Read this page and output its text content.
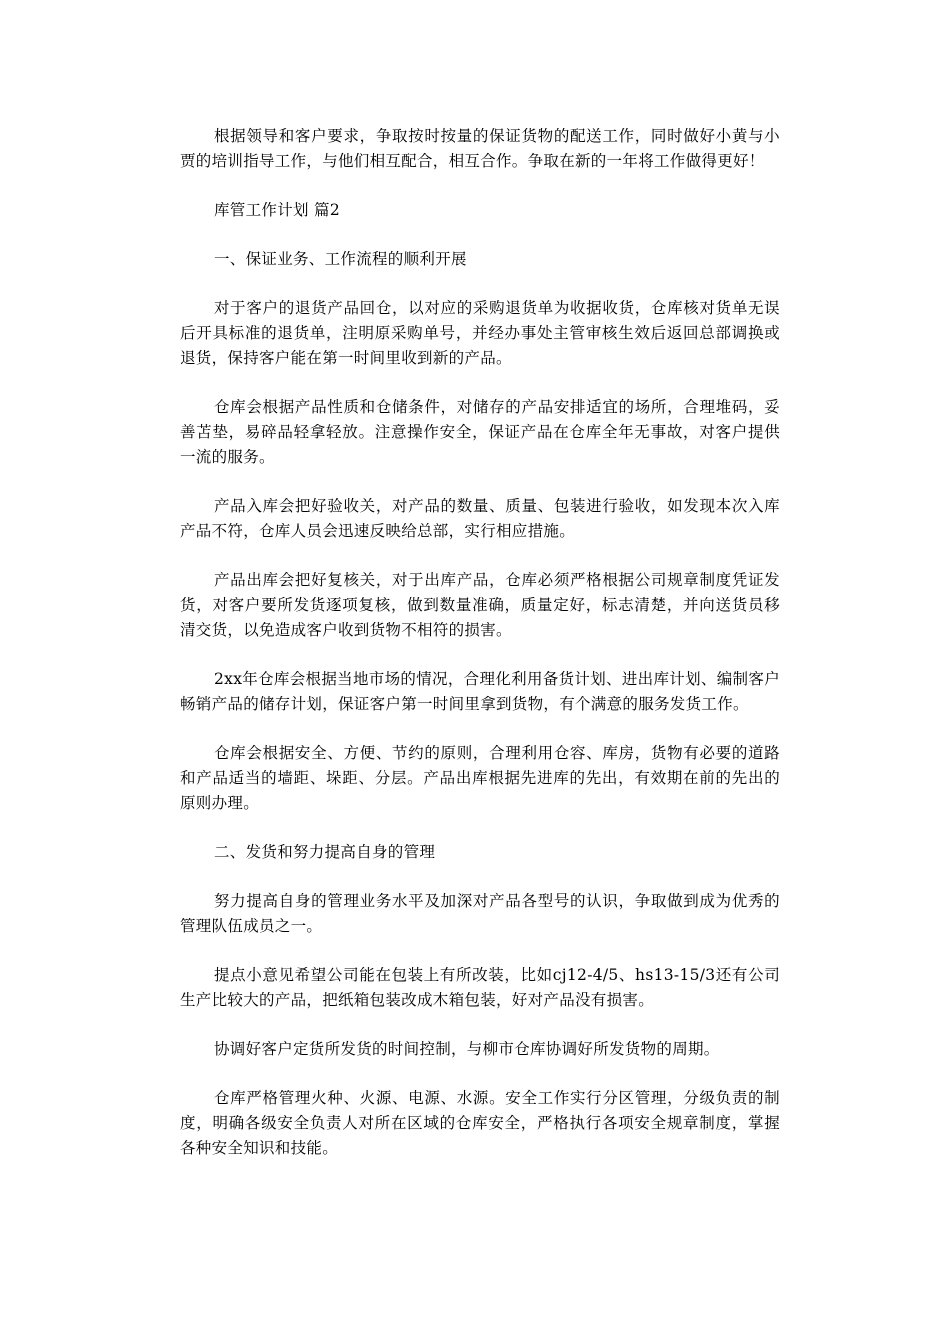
根据领导和客户要求，争取按时按量的保证货物的配送工作，同时做好小黄与小贾的培训指导工作，与他们相互配合，相互合作。争取在新的一年将工作做得更好！

库管工作计划 篇2

一、保证业务、工作流程的顺利开展

对于客户的退货产品回仓，以对应的采购退货单为收据收货，仓库核对货单无误后开具标准的退货单，注明原采购单号，并经办事处主管审核生效后返回总部调换或退货，保持客户能在第一时间里收到新的产品。

仓库会根据产品性质和仓储条件，对储存的产品安排适宜的场所，合理堆码，妥善苫垫，易碎品轻拿轻放。注意操作安全，保证产品在仓库全年无事故，对客户提供一流的服务。

产品入库会把好验收关，对产品的数量、质量、包装进行验收，如发现本次入库产品不符，仓库人员会迅速反映给总部，实行相应措施。

产品出库会把好复核关，对于出库产品，仓库必须严格根据公司规章制度凭证发货，对客户要所发货逐项复核，做到数量准确，质量定好，标志清楚，并向送货员移清交货，以免造成客户收到货物不相符的损害。

2xx年仓库会根据当地市场的情况，合理化利用备货计划、进出库计划、编制客户畅销产品的储存计划，保证客户第一时间里拿到货物，有个满意的服务发货工作。

仓库会根据安全、方便、节约的原则，合理利用仓容、库房，货物有必要的道路和产品适当的墙距、垛距、分层。产品出库根据先进库的先出，有效期在前的先出的原则办理。

二、发货和努力提高自身的管理

努力提高自身的管理业务水平及加深对产品各型号的认识，争取做到成为优秀的管理队伍成员之一。

提点小意见希望公司能在包装上有所改装，比如cj12-4/5、hs13-15/3还有公司生产比较大的产品，把纸箱包装改成木箱包装，好对产品没有损害。

协调好客户定货所发货的时间控制，与柳市仓库协调好所发货物的周期。

仓库严格管理火种、火源、电源、水源。安全工作实行分区管理，分级负责的制度，明确各级安全负责人对所在区域的仓库安全，严格执行各项安全规章制度，掌握各种安全知识和技能。
